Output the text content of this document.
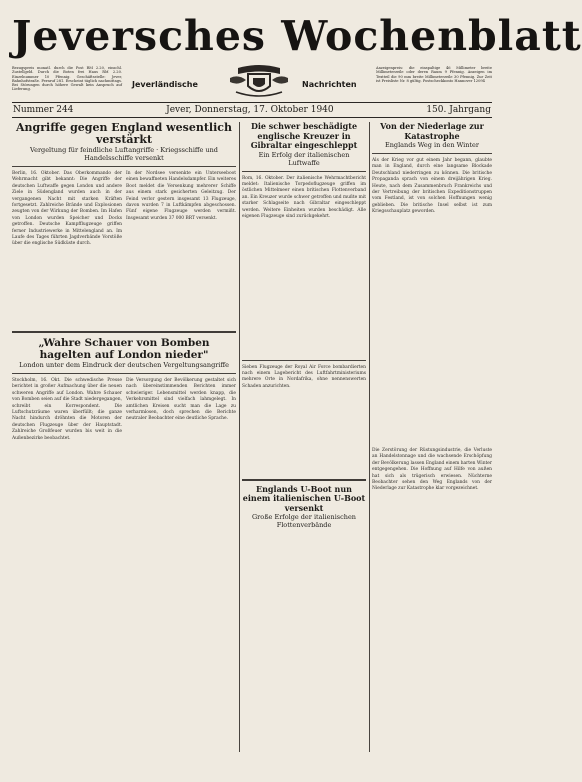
Jeversches Wochenblatt
Bezugspreis monatl. durch die Post RM 2.20, einschl. Zustellgeld. Durch die Boten frei Haus RM 2.20. Einzelnummer 10 Pfennig. Geschäftsstelle: Jever, Bahnhofstraße. Fernruf 281. Erscheint täglich nachmittags. Bei Störungen durch höhere Gewalt kein Anspruch auf Lieferung.
Jeverländische	Nachrichten
Anzeigenpreis: die einspaltige 46 Millimeter breite Millimeterzeile oder deren Raum 9 Pfennig. Anzeigen im Textteil die 90 mm breite Millimeterzeile 30 Pfennig. Zur Zeit ist Preisliste Nr. 8 gültig. Postscheckkonto Hannover 12094
Nummer 244	Jever, Donnerstag, 17. Oktober 1940	150. Jahrgang
Angriffe gegen England wesentlich verstärkt
Vergeltung für feindliche Luftangriffe · Kriegsschiffe und Handelsschiffe versenkt
Berlin, 16. Oktober. Das Oberkommando der Wehrmacht gibt bekannt: Die Angriffe der deutschen Luftwaffe gegen London und andere Ziele in Südengland wurden auch in der vergangenen Nacht mit starken Kräften fortgesetzt. Zahlreiche Brände und Explosionen zeugten von der Wirkung der Bomben. Im Hafen von London wurden Speicher und Docks getroffen. Deutsche Kampfflugzeuge griffen ferner Industriewerke in Mittelengland an. Im Laufe des Tages führten Jagdverbände Vorstöße über die englische Südküste durch.
In der Nordsee versenkte ein Unterseeboot einen bewaffneten Handelsdampfer. Ein weiteres Boot meldet die Versenkung mehrerer Schiffe aus einem stark gesicherten Geleitzug. Der Feind verlor gestern insgesamt 13 Flugzeuge, davon wurden 7 in Luftkämpfen abgeschossen. Fünf eigene Flugzeuge werden vermißt. Insgesamt wurden 37 000 BRT versenkt.
„Wahre Schauer von Bomben hagelten auf London nieder"
London unter dem Eindruck der deutschen Vergeltungsangriffe
Stockholm, 16. Okt. Die schwedische Presse berichtet in großer Aufmachung über die neuen schweren Angriffe auf London. Wahre Schauer von Bomben seien auf die Stadt niedergegangen, schreibt ein Korrespondent. Die Luftschutzräume waren überfüllt; die ganze Nacht hindurch dröhnten die Motoren der deutschen Flugzeuge über der Hauptstadt. Zahlreiche Großfeuer wurden bis weit in die Außenbezirke beobachtet.
Die Versorgung der Bevölkerung gestaltet sich nach übereinstimmenden Berichten immer schwieriger. Lebensmittel werden knapp, die Verkehrsmittel sind vielfach lahmgelegt. In amtlichen Kreisen sucht man die Lage zu verharmlosen, doch sprechen die Berichte neutraler Beobachter eine deutliche Sprache.
Die schwer beschädigte englische Kreuzer in Gibraltar eingeschleppt
Ein Erfolg der italienischen Luftwaffe
Rom, 16. Oktober. Der italienische Wehrmachtbericht meldet: Italienische Torpedoflugzeuge griffen im östlichen Mittelmeer einen britischen Flottenverband an. Ein Kreuzer wurde schwer getroffen und mußte mit starker Schlagseite nach Gibraltar eingeschleppt werden. Weitere Einheiten wurden beschädigt. Alle eigenen Flugzeuge sind zurückgekehrt.
Sieben Flugzeuge der Royal Air Force bombardierten nach einem Lagebericht des Luftfahrtministeriums mehrere Orte in Nordafrika, ohne nennenswerten Schaden anzurichten.
Englands U-Boot nun einem italienischen U-Boot versenkt
Große Erfolge der italienischen Flottenverbände
Von der Niederlage zur Katastrophe
Englands Weg in den Winter
Als der Krieg vor gut einem Jahr begann, glaubte man in England, durch eine langsame Blockade Deutschland niederringen zu können. Die britische Propaganda sprach von einem dreijährigen Krieg. Heute, nach dem Zusammenbruch Frankreichs und der Vertreibung der britischen Expeditionstruppen vom Festland, ist von solchen Hoffnungen wenig geblieben. Die britische Insel selbst ist zum Kriegsschauplatz geworden.
Die Zerstörung der Rüstungsindustrie, die Verluste an Handelstonnage und die wachsende Erschöpfung der Bevölkerung lassen England einem harten Winter entgegengehen. Die Hoffnung auf Hilfe von außen hat sich als trügerisch erwiesen. Nüchterne Beobachter sehen den Weg Englands von der Niederlage zur Katastrophe klar vorgezeichnet.
